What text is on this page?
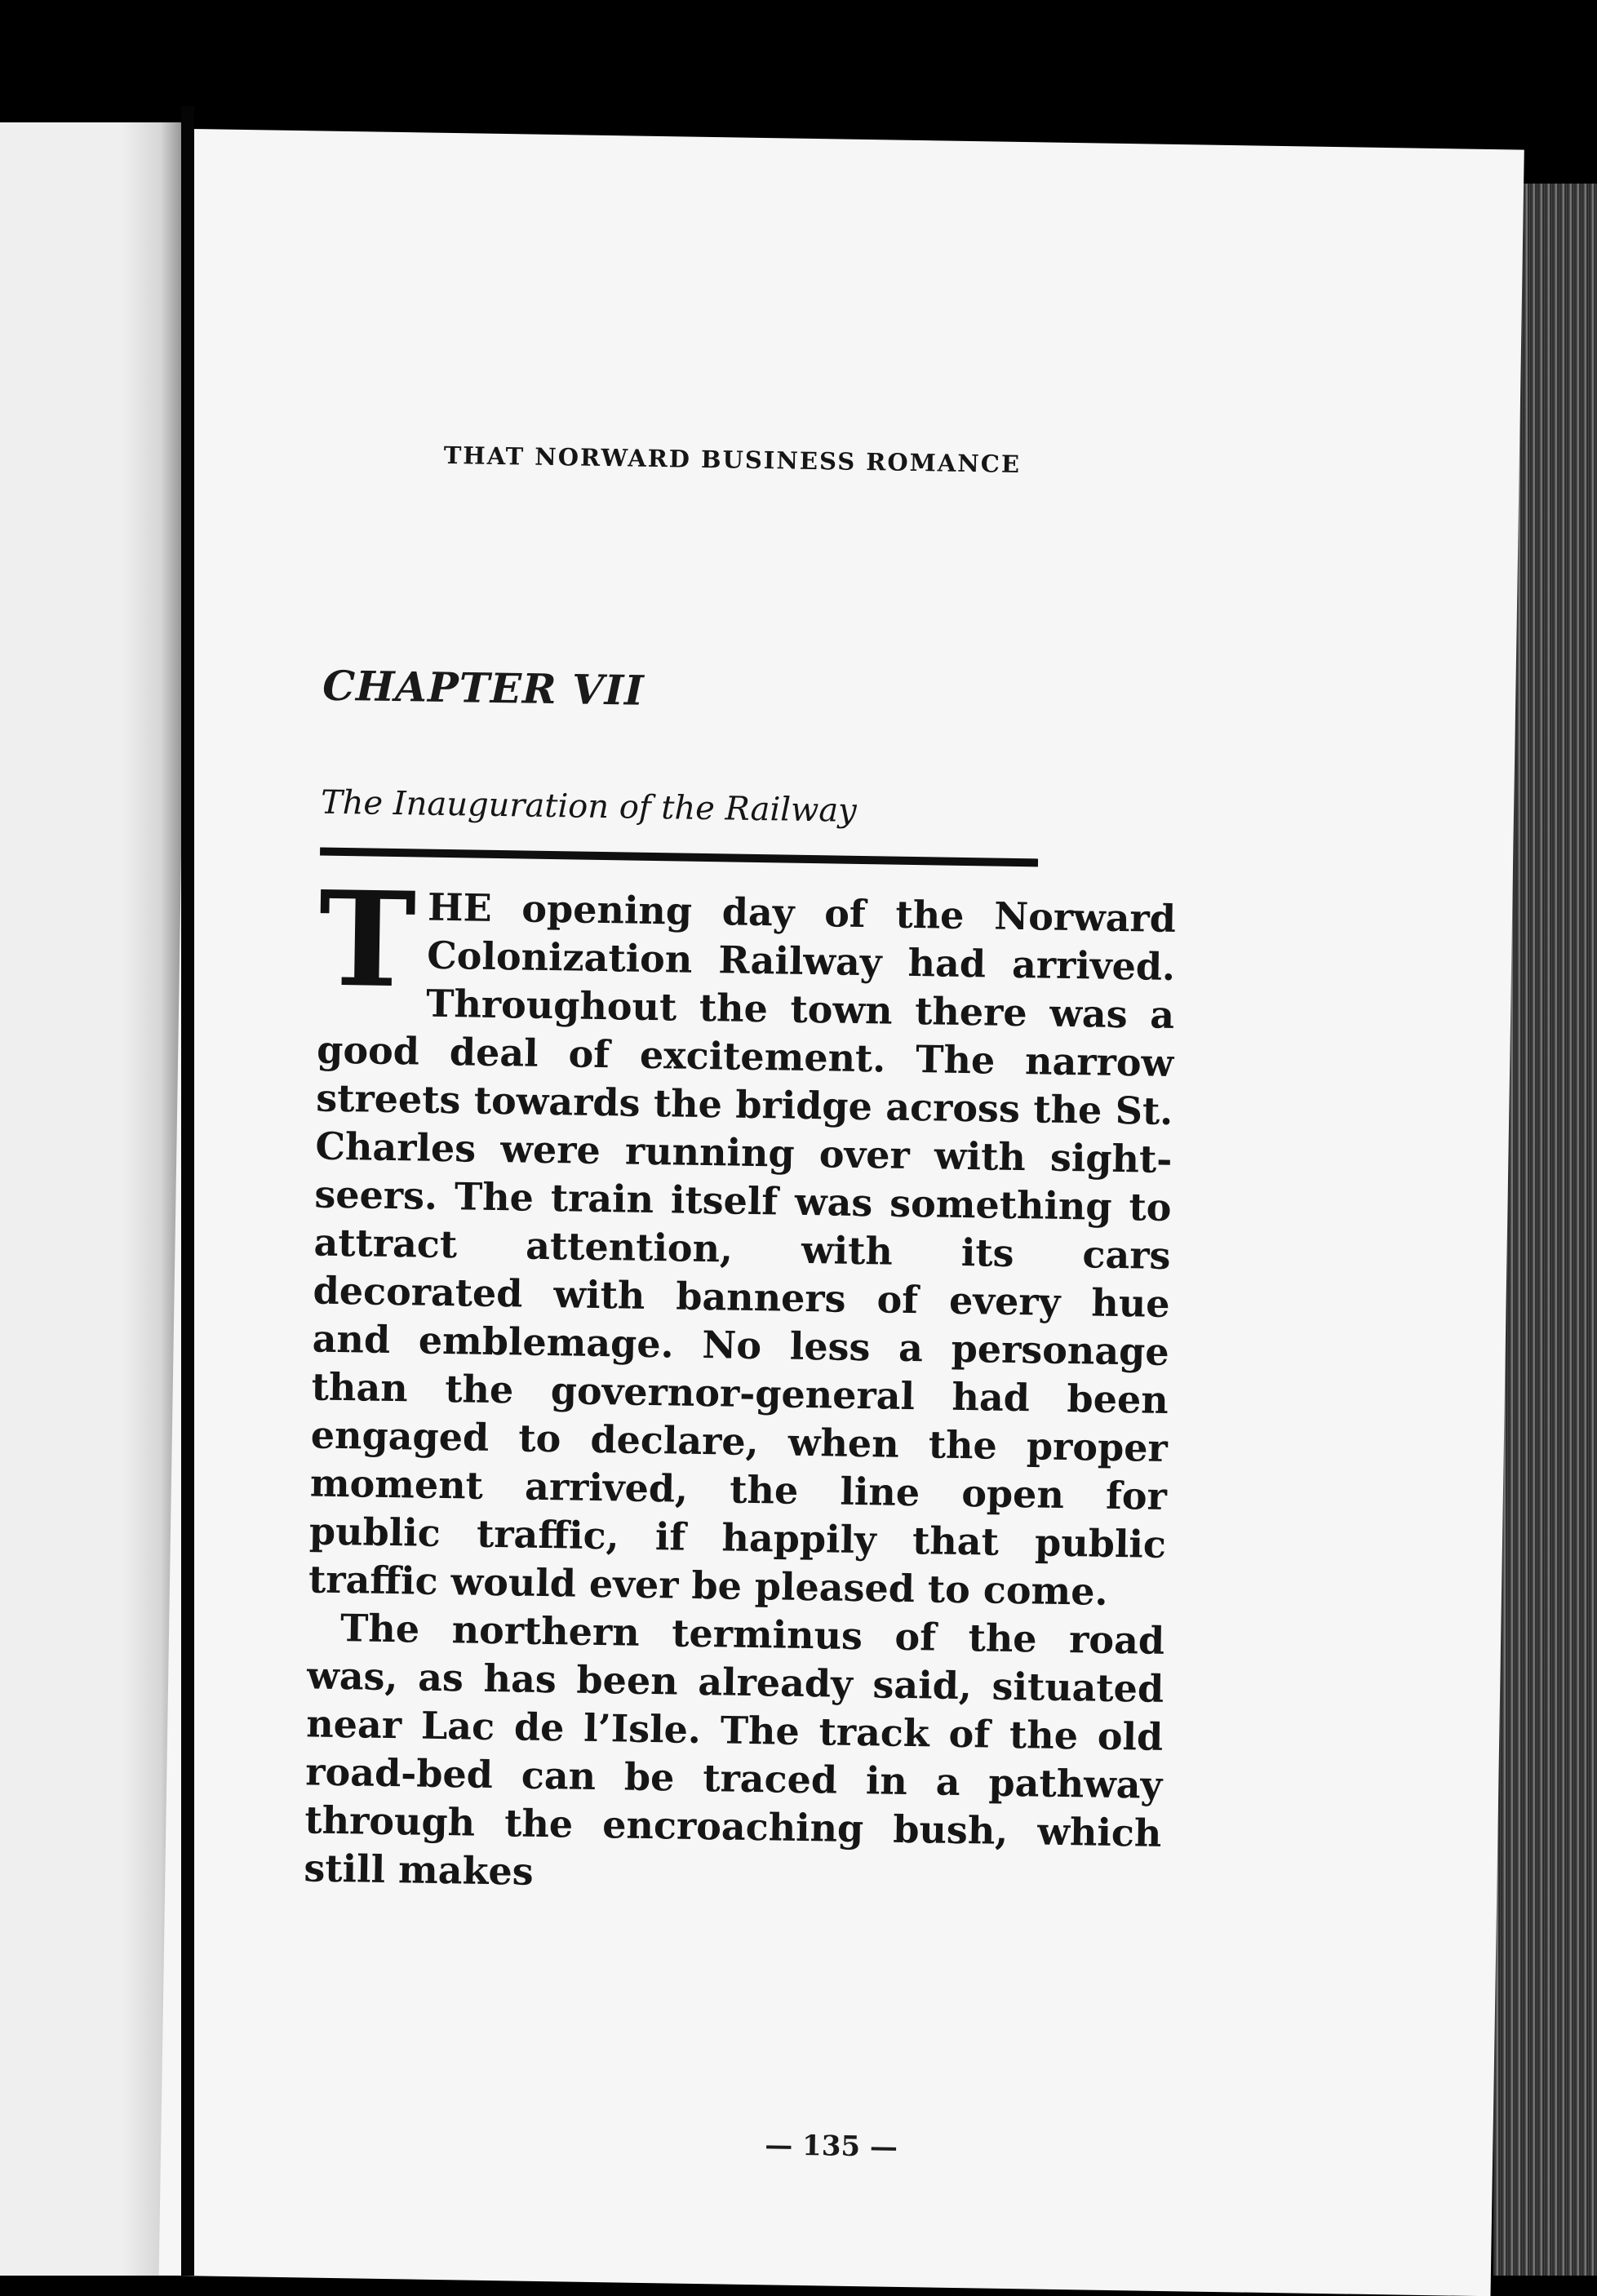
THAT NORWARD BUSINESS ROMANCE
CHAPTER VII
The Inauguration of the Railway

THE opening day of the Norward Colonization Railway had arrived. Throughout the town there was a good deal of excitement. The narrow streets towards the bridge across the St. Charles were running over with sight-seers. The train itself was something to attract attention, with its cars decorated with banners of every hue and emblemage. No less a personage than the governor-general had been engaged to declare, when the proper moment arrived, the line open for public traffic, if happily that public traffic would ever be pleased to come.

The northern terminus of the road was, as has been already said, situated near Lac de l’Isle. The track of the old road-bed can be traced in a pathway through the encroaching bush, which still makes

— 135 —
